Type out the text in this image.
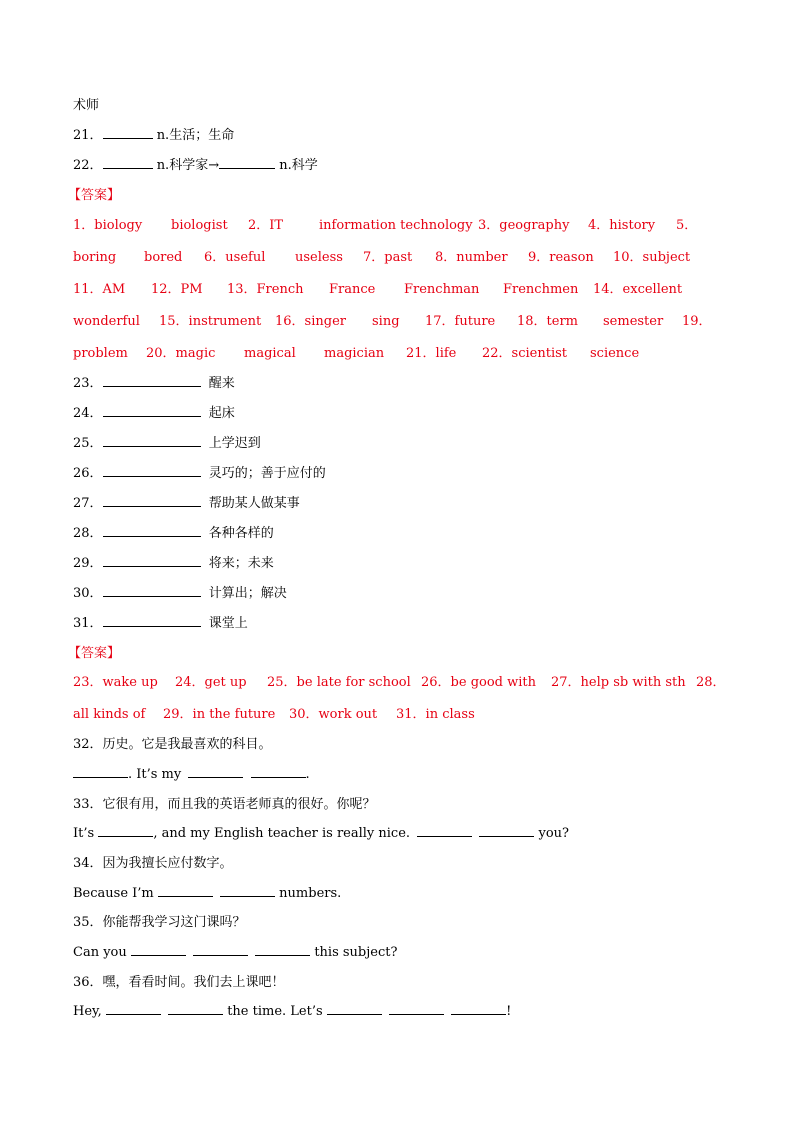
术师
21．	n.生活；生命
22．	n.科学家→	n.科学
【答案】
1．biology biologist 2．IT	information technology 3．geography 4．history 5．
boring bored 6．useful useless 7．past 8．number 9．reason 10．subject
11．AM 12．PM 13．French France Frenchman Frenchmen 14．excellent
wonderful 15．instrument 16．singer sing 17．future 18．term semester 19．
problem 20．magic magical magician 21．life 22．scientist science
23．	醒来
24．	起床
25．	上学迟到
26．	灵巧的；善于应付的
27．	帮助某人做某事
28．	各种各样的
29．	将来；未来
30．	计算出；解决
31．	课堂上
【答案】
23．wake up 24．get up 25．be late for school 26．be good with 27．help sb with sth 28．
all kinds of 29．in the future 30．work out 31．in class
32．历史。它是我最喜欢的科目。
. It’s my	.
33．它很有用，而且我的英语老师真的很好。你呢？
It’s	, and my English teacher is really nice.	you?
34．因为我擅长应付数字。
Because I’m	numbers.
35．你能帮我学习这门课吗？
Can you	this subject?
36．嘿，看看时间。我们去上课吧！
Hey,	the time. Let’s	!
